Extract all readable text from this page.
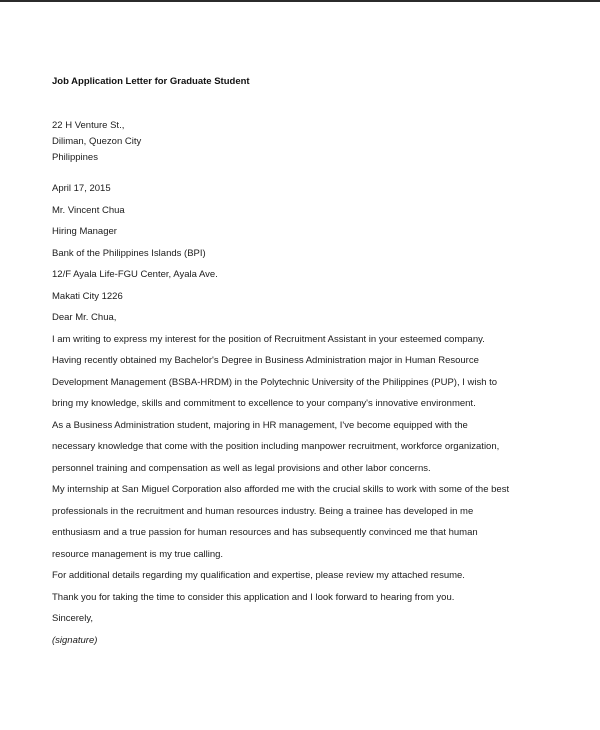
Job Application Letter for Graduate Student
22 H Venture St.,
Diliman, Quezon City
Philippines
April 17, 2015
Mr. Vincent Chua
Hiring Manager
Bank of the Philippines Islands (BPI)
12/F Ayala Life-FGU Center, Ayala Ave.
Makati City 1226
Dear Mr. Chua,
I am writing to express my interest for the position of Recruitment Assistant in your esteemed company.
Having recently obtained my Bachelor's Degree in Business Administration major in Human Resource
Development Management (BSBA-HRDM) in the Polytechnic University of the Philippines (PUP), I wish to
bring my knowledge, skills and commitment to excellence to your company's innovative environment.
As a Business Administration student, majoring in HR management, I've become equipped with the
necessary knowledge that come with the position including manpower recruitment, workforce organization,
personnel training and compensation as well as legal provisions and other labor concerns.
My internship at San Miguel Corporation also afforded me with the crucial skills to work with some of the best
professionals in the recruitment and human resources industry. Being a trainee has developed in me
enthusiasm and a true passion for human resources and has subsequently convinced me that human
resource management is my true calling.
For additional details regarding my qualification and expertise, please review my attached resume.
Thank you for taking the time to consider this application and I look forward to hearing from you.
Sincerely,
(signature)
